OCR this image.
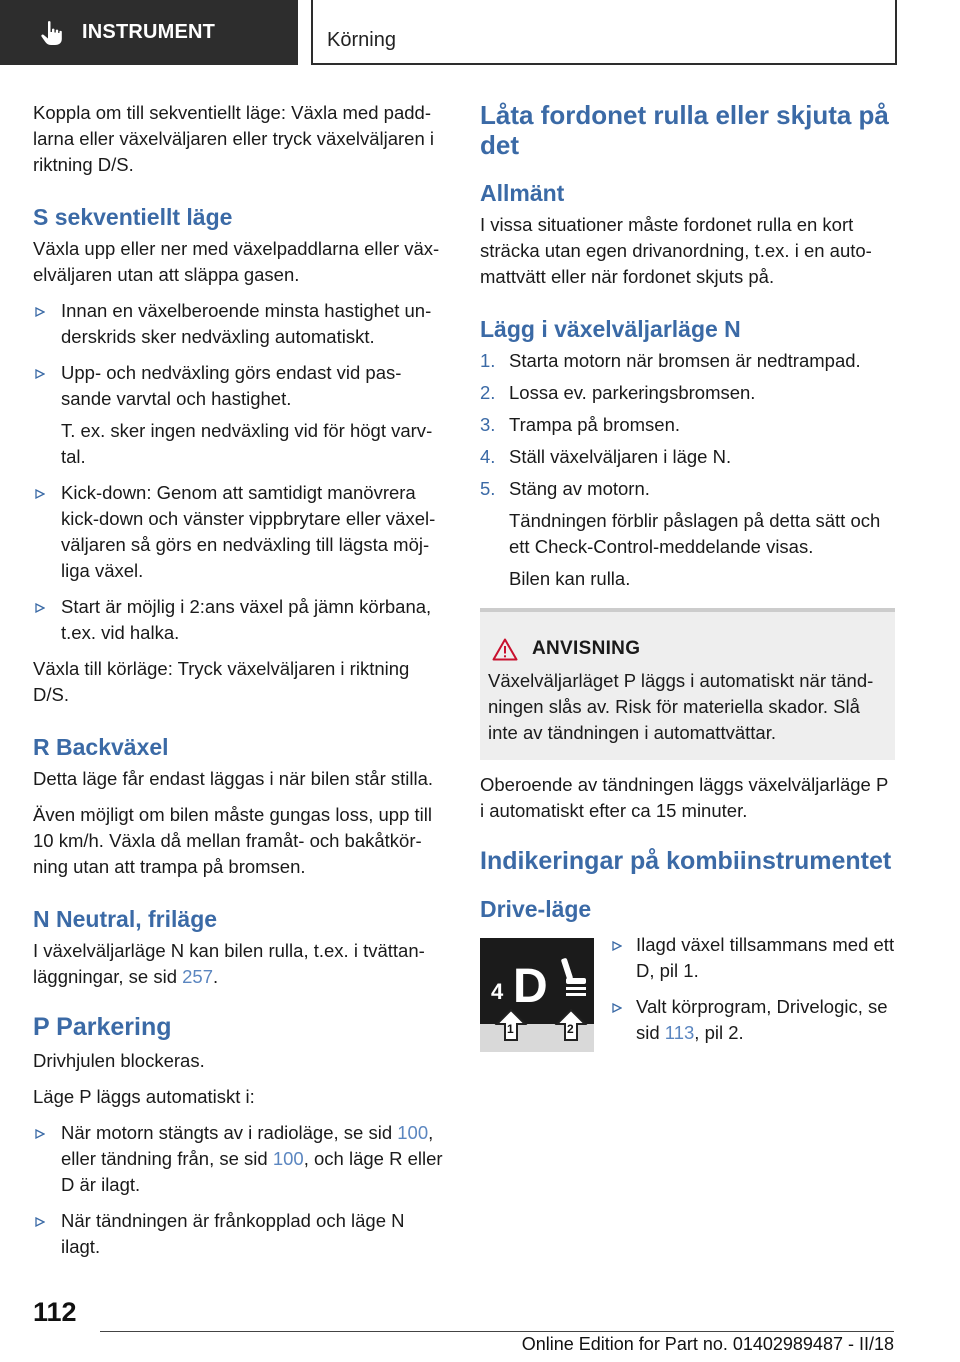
INSTRUMENT	Körning

Koppla om till sekventiellt läge: Växla med paddlarna eller växelväljaren eller tryck växelväljaren i riktning D/S.

S sekventiellt läge

Växla upp eller ner med växelpaddlarna eller växelväljaren utan att släppa gasen.

Innan en växelberoende minsta hastighet underskrids sker nedväxling automatiskt.
Upp- och nedväxling görs endast vid passande varvtal och hastighet.
T. ex. sker ingen nedväxling vid för högt varvtal.
Kick-down: Genom att samtidigt manövrera kick-down och vänster vippbrytare eller växelväljaren så görs en nedväxling till lägsta möjliga växel.
Start är möjlig i 2:ans växel på jämn körbana, t.ex. vid halka.

Växla till körläge: Tryck växelväljaren i riktning D/S.

R Backväxel

Detta läge får endast läggas i när bilen står stilla.

Även möjligt om bilen måste gungas loss, upp till 10 km/h. Växla då mellan framåt- och bakåtkörning utan att trampa på bromsen.

N Neutral, friläge

I växelväljarläge N kan bilen rulla, t.ex. i tvättanläggningar, se sid 257.

P Parkering

Drivhjulen blockeras.

Läge P läggs automatiskt i:

När motorn stängts av i radioläge, se sid 100, eller tändning från, se sid 100, och läge R eller D är ilagt.
När tändningen är frånkopplad och läge N ilagt.
Låta fordonet rulla eller skjuta på det
Allmänt

I vissa situationer måste fordonet rulla en kort sträcka utan egen drivanordning, t.ex. i en automattvätt eller när fordonet skjuts på.

Lägg i växelväljarläge N
1. Starta motorn när bromsen är nedtrampad.
2. Lossa ev. parkeringsbromsen.
3. Trampa på bromsen.
4. Ställ växelväljaren i läge N.
5. Stäng av motorn.
Tändningen förblir påslagen på detta sätt och ett Check-Control-meddelande visas.
Bilen kan rulla.
ANVISNING
Växelväljarläget P läggs i automatiskt när tändningen slås av. Risk för materiella skador. Slå inte av tändningen i automattvättar.

Oberoende av tändningen läggs växelväljarläge P i automatiskt efter ca 15 minuter.

Indikeringar på kombiinstrumentet
Drive-läge
4 D
1	2
Ilagd växel tillsammans med ett D, pil 1.
Valt körprogram, Drivelogic, se sid 113, pil 2.
112
Online Edition for Part no. 01402989487 - II/18
